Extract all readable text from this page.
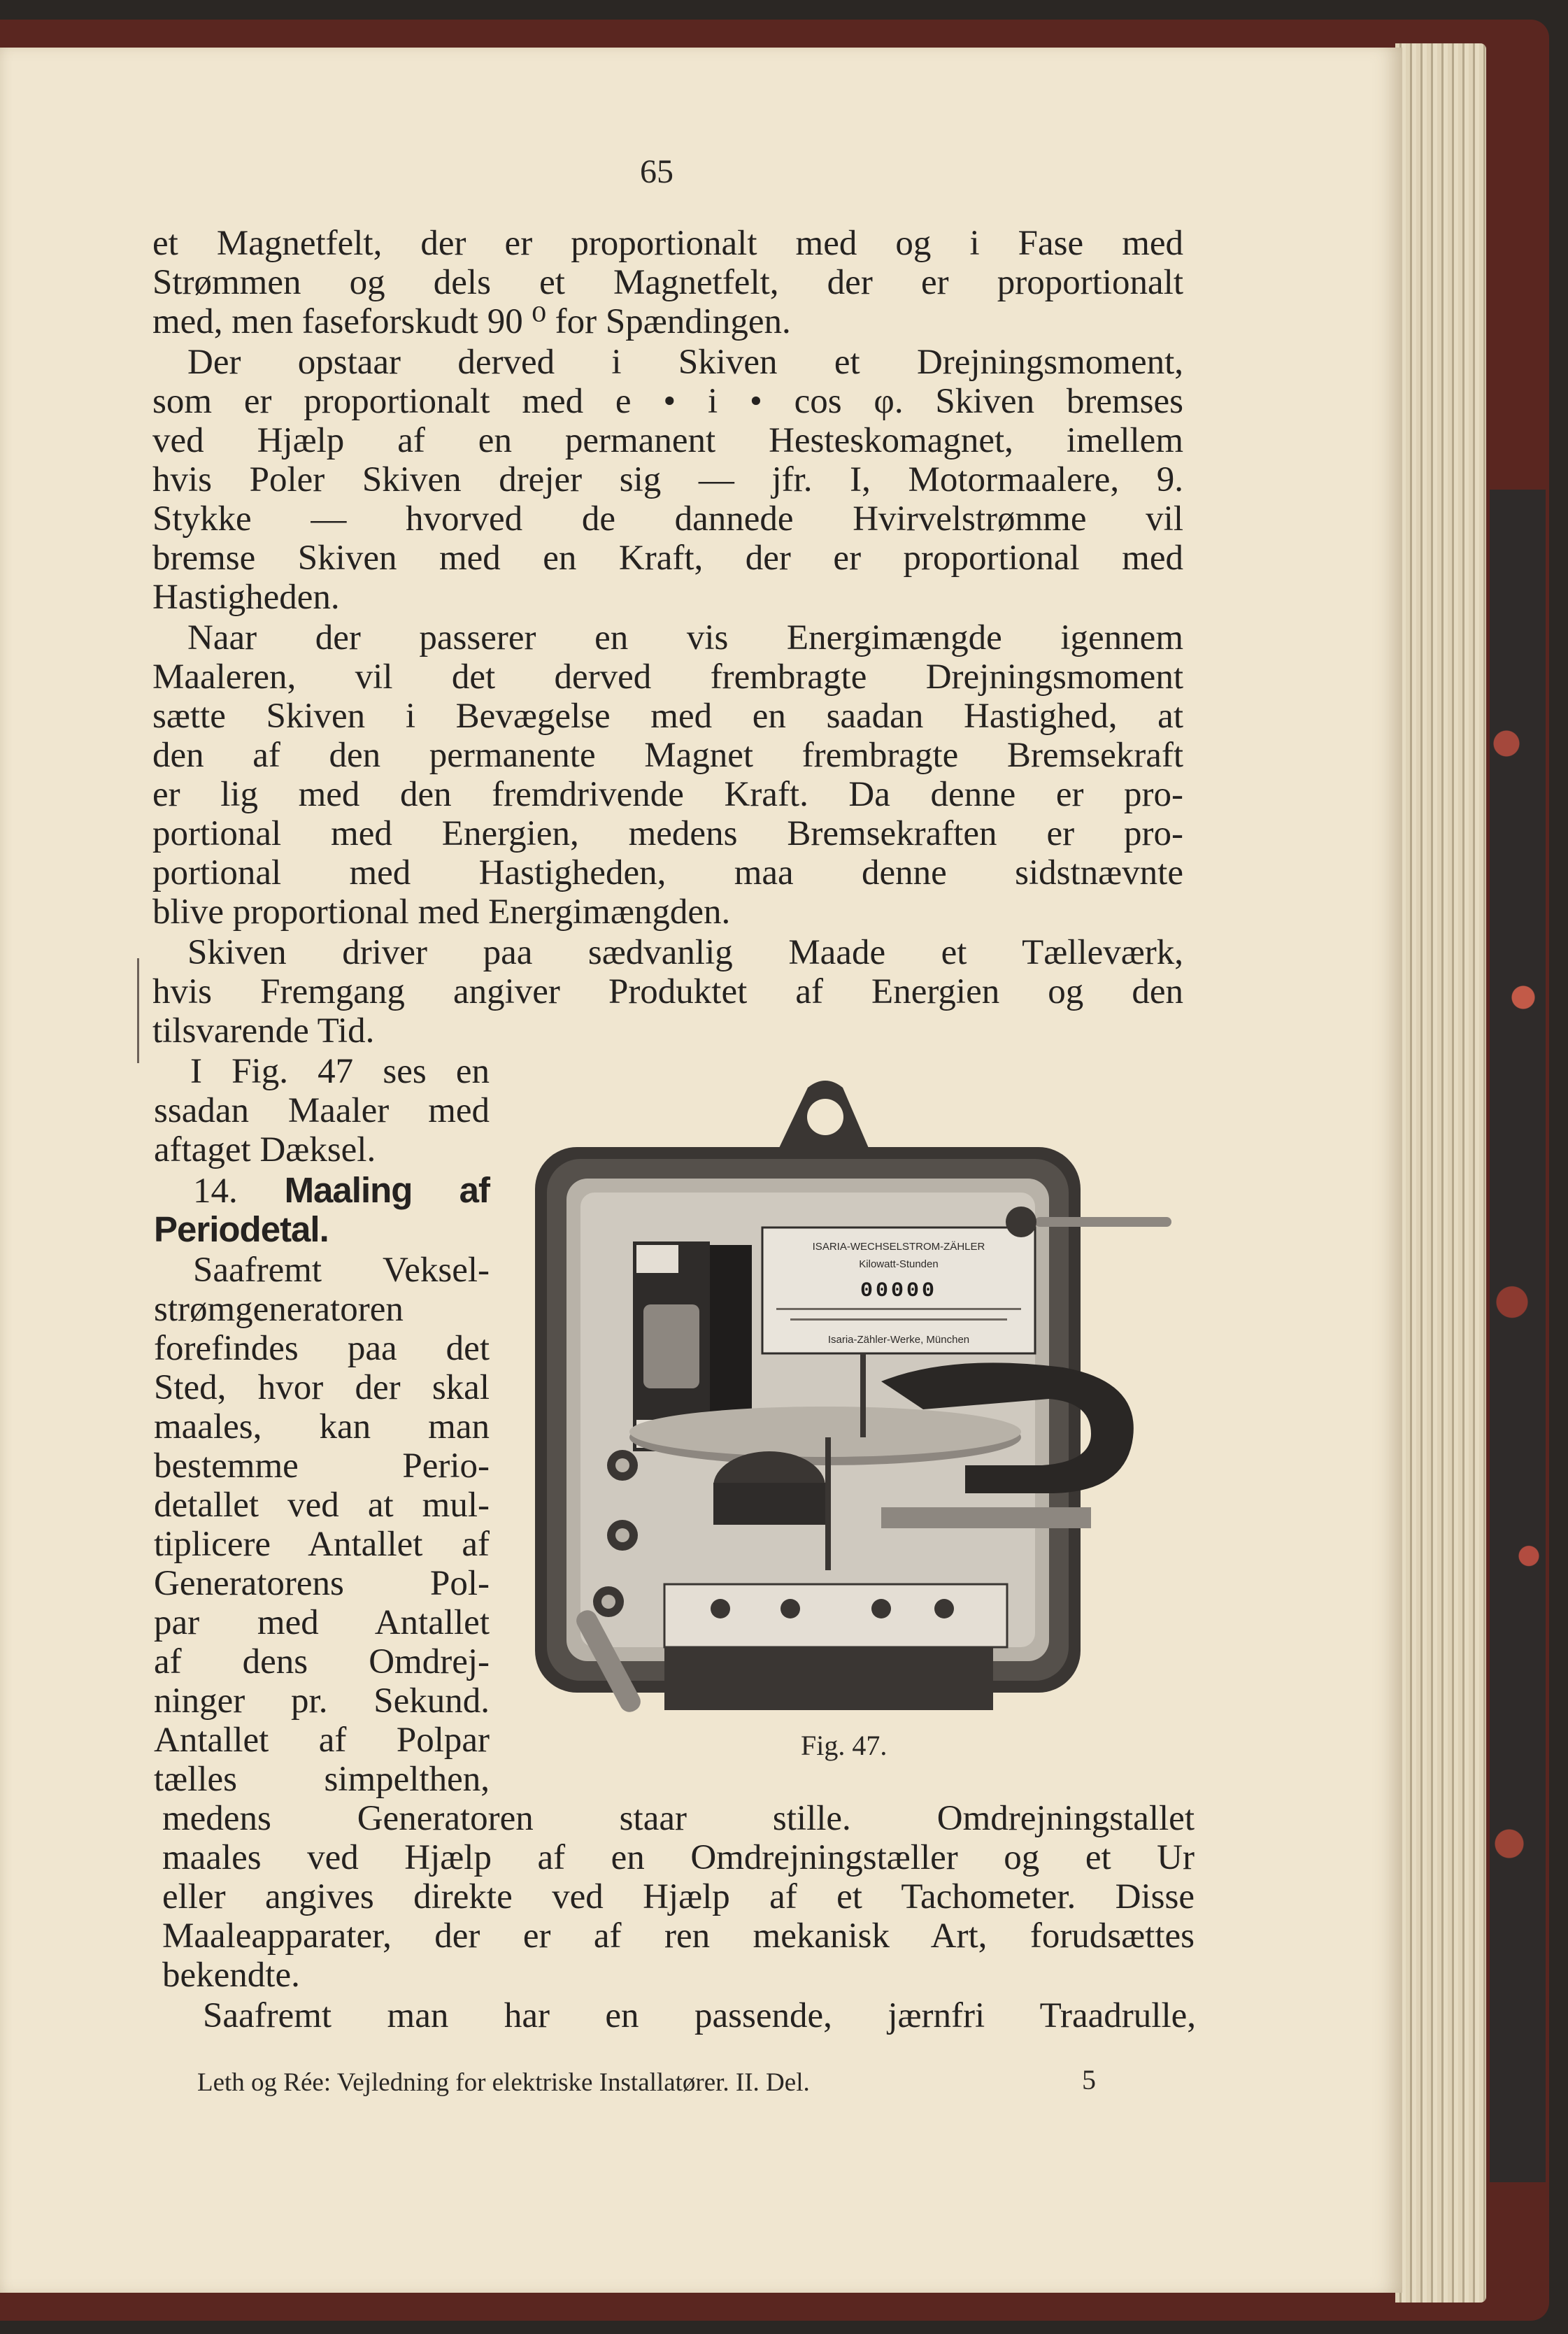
65

et Magnetfelt, der er proportionalt med og i Fase med

Strømmen og dels et Magnetfelt, der er proportionalt

med, men faseforskudt 90 ⁰ for Spændingen.

Der opstaar derved i Skiven et Drejningsmoment,

som er proportionalt med e • i • cos φ. Skiven bremses

ved Hjælp af en permanent Hesteskomagnet, imellem

hvis Poler Skiven drejer sig — jfr. I, Motormaalere, 9.

Stykke — hvorved de dannede Hvirvelstrømme vil

bremse Skiven med en Kraft, der er proportional med

Hastigheden.

Naar der passerer en vis Energimængde igennem

Maaleren, vil det derved frembragte Drejningsmoment

sætte Skiven i Bevægelse med en saadan Hastighed, at

den af den permanente Magnet frembragte Bremsekraft

er lig med den fremdrivende Kraft. Da denne er pro-

portional med Energien, medens Bremsekraften er pro-

portional med Hastigheden, maa denne sidstnævnte

blive proportional med Energimængden.

Skiven driver paa sædvanlig Maade et Tælleværk,

hvis Fremgang angiver Produktet af Energien og den

tilsvarende Tid.

I Fig. 47 ses en

ssadan Maaler med

aftaget Dæksel.

14. Maaling af

Periodetal.

Saafremt Veksel-

strømgeneratoren

forefindes paa det

Sted, hvor der skal

maales, kan man

bestemme Perio-

detallet ved at mul-

tiplicere Antallet af

Generatorens Pol-

par med Antallet

af dens Omdrej-

ninger pr. Sekund.

Antallet af Polpar

tælles simpelthen,

medens Generatoren staar stille. Omdrejningstallet

maales ved Hjælp af en Omdrejningstæller og et Ur

eller angives direkte ved Hjælp af et Tachometer. Disse

Maaleapparater, der er af ren mekanisk Art, forudsættes

bekendte.

Saafremt man har en passende, jærnfri Traadrulle,

ISARIA-WECHSELSTROM-ZÄHLER
Kilowatt-Stunden
00000
Isaria-Zähler-Werke, München
Fig. 47.
Leth og Rée: Vejledning for elektriske Installatører. II. Del.	5
